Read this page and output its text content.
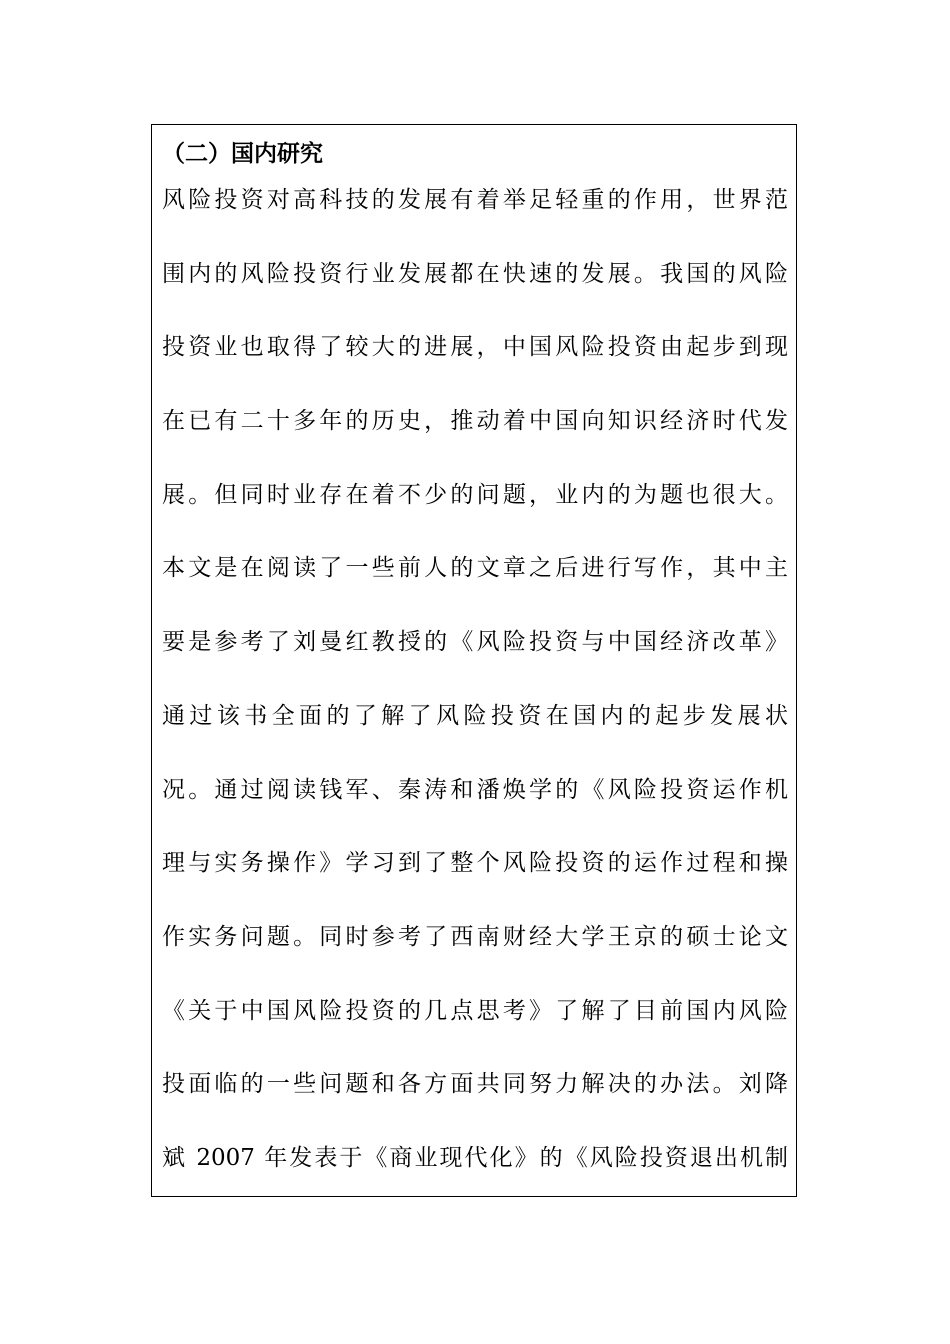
（二）国内研究
风险投资对高科技的发展有着举足轻重的作用，世界范
围内的风险投资行业发展都在快速的发展。我国的风险
投资业也取得了较大的进展，中国风险投资由起步到现
在已有二十多年的历史，推动着中国向知识经济时代发
展。但同时业存在着不少的问题，业内的为题也很大。
本文是在阅读了一些前人的文章之后进行写作，其中主
要是参考了刘曼红教授的《风险投资与中国经济改革》
通过该书全面的了解了风险投资在国内的起步发展状
况。通过阅读钱军、秦涛和潘焕学的《风险投资运作机
理与实务操作》学习到了整个风险投资的运作过程和操
作实务问题。同时参考了西南财经大学王京的硕士论文
《关于中国风险投资的几点思考》了解了目前国内风险
投面临的一些问题和各方面共同努力解决的办法。刘降
斌 2007 年发表于《商业现代化》的《风险投资退出机制
